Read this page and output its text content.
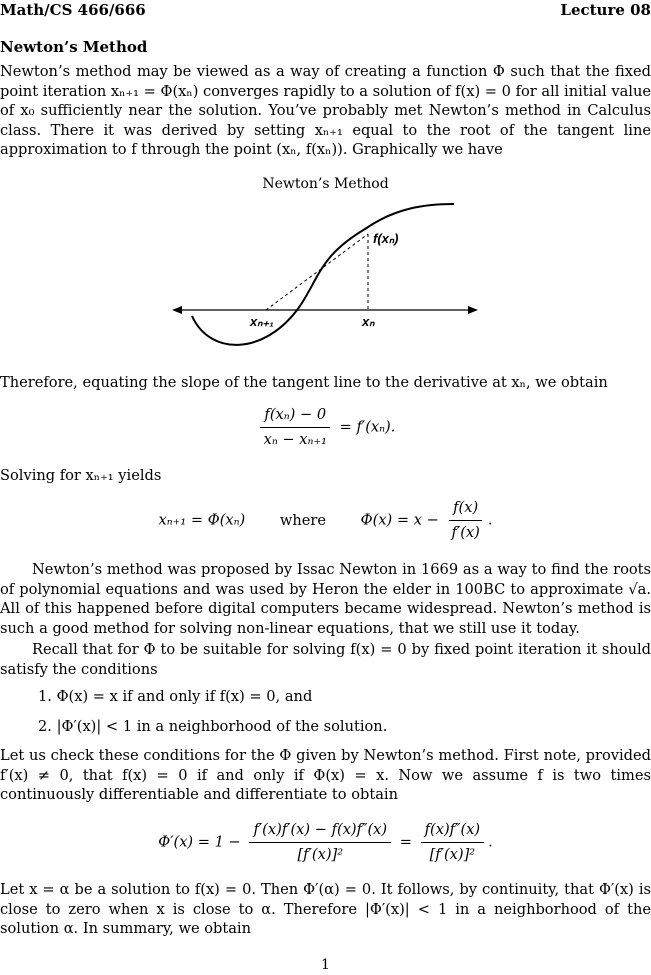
Math/CS 466/666	Lecture 08
Newton’s Method
Newton’s method may be viewed as a way of creating a function Φ such that the fixed point iteration xₙ₊₁ = Φ(xₙ) converges rapidly to a solution of f(x) = 0 for all initial value of x₀ sufficiently near the solution. You’ve probably met Newton’s method in Calculus class. There it was derived by setting xₙ₊₁ equal to the root of the tangent line approximation to f through the point (xₙ, f(xₙ)). Graphically we have
Newton’s Method
f(xₙ)
xₙ₊₁	xₙ
Therefore, equating the slope of the tangent line to the derivative at xₙ, we obtain
$\frac{\text{f(xₙ) − 0}}{\text{xₙ − xₙ₊₁}} = f'(x_n)$.
Solving for xₙ₊₁ yields
xₙ₊₁ = Φ(xₙ) where $\Phi(x) = x - \frac{f(x)}{f'(x)}$ .
Newton’s method was proposed by Issac Newton in 1669 as a way to find the roots of polynomial equations and was used by Heron the elder in 100BC to approximate √a. All of this happened before digital computers became widespread. Newton’s method is such a good method for solving non-linear equations, that we still use it today.
Recall that for Φ to be suitable for solving f(x) = 0 by fixed point iteration it should satisfy the conditions
1. Φ(x) = x if and only if f(x) = 0, and
2. |Φ′(x)| < 1 in a neighborhood of the solution.
Let us check these conditions for the Φ given by Newton’s method. First note, provided f′(x) ≠ 0, that f(x) = 0 if and only if Φ(x) = x. Now we assume f is two times continuously differentiable and differentiate to obtain
$\Phi'(x) = 1 - \frac{f'(x)f'(x) - f(x)f''(x)}{\text{[f′(x)]²}} = \frac{f(x)f''(x)}{\text{[f′(x)]²}}$ .
Let x = α be a solution to f(x) = 0. Then Φ′(α) = 0. It follows, by continuity, that Φ′(x) is close to zero when x is close to α. Therefore |Φ′(x)| < 1 in a neighborhood of the solution α. In summary, we obtain
1
